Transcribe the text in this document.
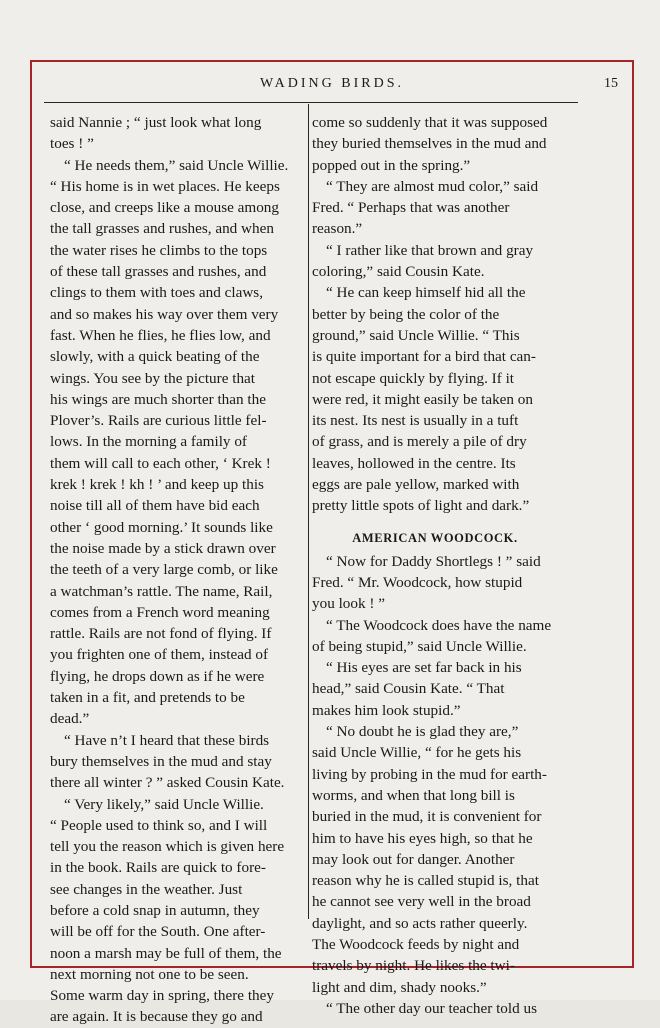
WADING BIRDS.	15
said Nannie ; “ just look what long
toes ! ”
“ He needs them,” said Uncle Willie.
“ His home is in wet places. He keeps
close, and creeps like a mouse among
the tall grasses and rushes, and when
the water rises he climbs to the tops
of these tall grasses and rushes, and
clings to them with toes and claws,
and so makes his way over them very
fast. When he flies, he flies low, and
slowly, with a quick beating of the
wings. You see by the picture that
his wings are much shorter than the
Plover’s. Rails are curious little fel-
lows. In the morning a family of
them will call to each other, ‘ Krek !
krek ! krek ! kh ! ’ and keep up this
noise till all of them have bid each
other ‘ good morning.’ It sounds like
the noise made by a stick drawn over
the teeth of a very large comb, or like
a watchman’s rattle. The name, Rail,
comes from a French word meaning
rattle. Rails are not fond of flying. If
you frighten one of them, instead of
flying, he drops down as if he were
taken in a fit, and pretends to be
dead.”
“ Have n’t I heard that these birds
bury themselves in the mud and stay
there all winter ? ” asked Cousin Kate.
“ Very likely,” said Uncle Willie.
“ People used to think so, and I will
tell you the reason which is given here
in the book. Rails are quick to fore-
see changes in the weather. Just
before a cold snap in autumn, they
will be off for the South. One after-
noon a marsh may be full of them, the
next morning not one to be seen.
Some warm day in spring, there they
are again. It is because they go and
come so suddenly that it was supposed
they buried themselves in the mud and
popped out in the spring.”
“ They are almost mud color,” said
Fred. “ Perhaps that was another
reason.”
“ I rather like that brown and gray
coloring,” said Cousin Kate.
“ He can keep himself hid all the
better by being the color of the
ground,” said Uncle Willie. “ This
is quite important for a bird that can-
not escape quickly by flying. If it
were red, it might easily be taken on
its nest. Its nest is usually in a tuft
of grass, and is merely a pile of dry
leaves, hollowed in the centre. Its
eggs are pale yellow, marked with
pretty little spots of light and dark.”
AMERICAN WOODCOCK.
“ Now for Daddy Shortlegs ! ” said
Fred. “ Mr. Woodcock, how stupid
you look ! ”
“ The Woodcock does have the name
of being stupid,” said Uncle Willie.
“ His eyes are set far back in his
head,” said Cousin Kate. “ That
makes him look stupid.”
“ No doubt he is glad they are,”
said Uncle Willie, “ for he gets his
living by probing in the mud for earth-
worms, and when that long bill is
buried in the mud, it is convenient for
him to have his eyes high, so that he
may look out for danger. Another
reason why he is called stupid is, that
he cannot see very well in the broad
daylight, and so acts rather queerly.
The Woodcock feeds by night and
travels by night. He likes the twi-
light and dim, shady nooks.”
“ The other day our teacher told us
